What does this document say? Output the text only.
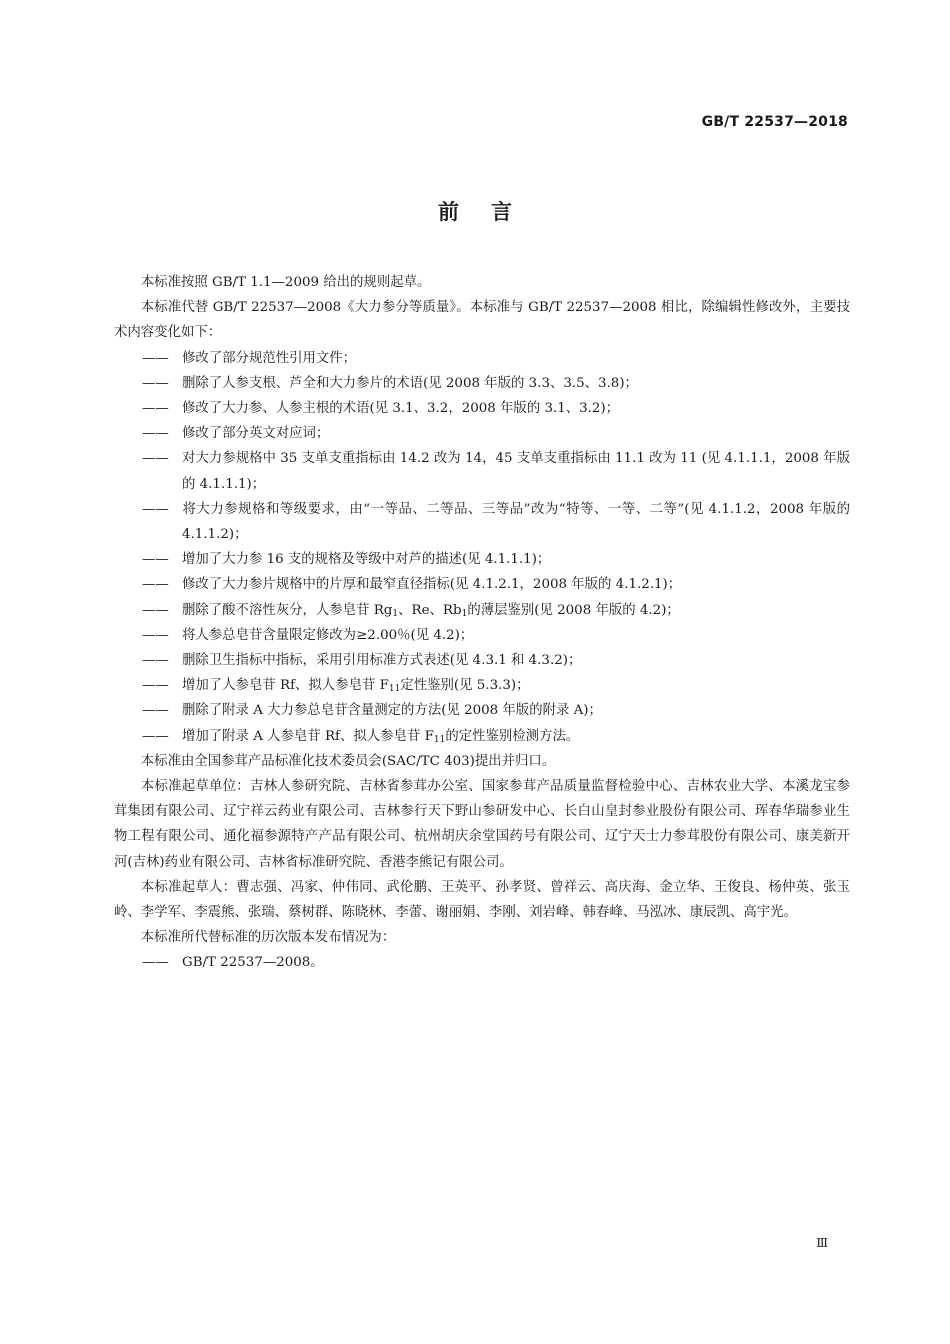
GB/T 22537—2018
前言

本标准按照 GB/T 1.1—2009 给出的规则起草。

本标准代替 GB/T 22537—2008《大力参分等质量》。本标准与 GB/T 22537—2008 相比，除编辑性修改外，主要技术内容变化如下：

—— 修改了部分规范性引用文件；
—— 删除了人参支根、芦全和大力参片的术语(见 2008 年版的 3.3、3.5、3.8)；
—— 修改了大力参、人参主根的术语(见 3.1、3.2，2008 年版的 3.1、3.2)；
—— 修改了部分英文对应词；
—— 对大力参规格中 35 支单支重指标由 14.2 改为 14，45 支单支重指标由 11.1 改为 11 (见 4.1.1.1，2008 年版的 4.1.1.1)；
—— 将大力参规格和等级要求，由“一等品、二等品、三等品”改为“特等、一等、二等”(见 4.1.1.2，2008 年版的 4.1.1.2)；
—— 增加了大力参 16 支的规格及等级中对芦的描述(见 4.1.1.1)；
—— 修改了大力参片规格中的片厚和最窄直径指标(见 4.1.2.1，2008 年版的 4.1.2.1)；
—— 删除了酸不溶性灰分，人参皂苷 $Rg_1$、Re、$Rb_1$的薄层鉴别(见 2008 年版的 4.2)；
—— 将人参总皂苷含量限定修改为≥2.00％(见 4.2)；
—— 删除卫生指标中指标，采用引用标准方式表述(见 4.3.1 和 4.3.2)；
—— 增加了人参皂苷 Rf、拟人参皂苷 $F_{11}$定性鉴别(见 5.3.3)；
—— 删除了附录 A 大力参总皂苷含量测定的方法(见 2008 年版的附录 A)；
—— 增加了附录 A 人参皂苷 Rf、拟人参皂苷 $F_{11}$的定性鉴别检测方法。

本标准由全国参茸产品标准化技术委员会(SAC/TC 403)提出并归口。

本标准起草单位：吉林人参研究院、吉林省参茸办公室、国家参茸产品质量监督检验中心、吉林农业大学、本溪龙宝参茸集团有限公司、辽宁祥云药业有限公司、吉林参行天下野山参研发中心、长白山皇封参业股份有限公司、珲春华瑞参业生物工程有限公司、通化福参源特产产品有限公司、杭州胡庆余堂国药号有限公司、辽宁天士力参茸股份有限公司、康美新开河(吉林)药业有限公司、吉林省标准研究院、香港李熊记有限公司。

本标准起草人：曹志强、冯家、仲伟同、武伦鹏、王英平、孙孝贤、曾祥云、高庆海、金立华、王俊良、杨仲英、张玉岭、李学军、李震熊、张瑞、蔡树群、陈晓林、李蕾、谢丽娟、李刚、刘岩峰、韩春峰、马泓冰、康辰凯、高宇光。

本标准所代替标准的历次版本发布情况为：

—— GB/T 22537—2008。
Ⅲ
